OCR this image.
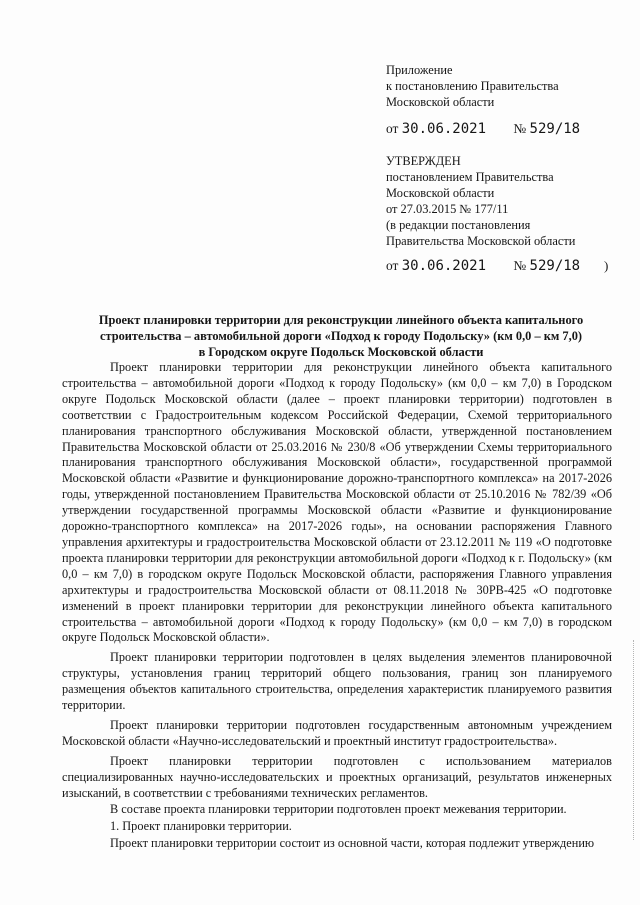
Приложение

к постановлению Правительства

Московской области

от 30.06.2021 № 529/18

УТВЕРЖДЕН

постановлением Правительства

Московской области

от 27.03.2015 № 177/11

(в редакции постановления

Правительства Московской области

от 30.06.2021 № 529/18 )

Проект планировки территории для реконструкции линейного объекта капитального
строительства – автомобильной дороги «Подход к городу Подольску» (км 0,0 – км 7,0)
в Городском округе Подольск Московской области

Проект планировки территории для реконструкции линейного объекта капитального строительства – автомобильной дороги «Подход к городу Подольску» (км 0,0 – км 7,0) в Городском округе Подольск Московской области (далее – проект планировки территории) подготовлен в соответствии с Градостроительным кодексом Российской Федерации, Схемой территориального планирования транспортного обслуживания Московской области, утвержденной постановлением Правительства Московской области от 25.03.2016 № 230/8 «Об утверждении Схемы территориального планирования транспортного обслуживания Московской области», государственной программой Московской области «Развитие и функционирование дорожно-транспортного комплекса» на 2017-2026 годы, утвержденной постановлением Правительства Московской области от 25.10.2016 № 782/39 «Об утверждении государственной программы Московской области «Развитие и функционирование дорожно-транспортного комплекса» на 2017-2026 годы», на основании распоряжения Главного управления архитектуры и градостроительства Московской области от 23.12.2011 № 119 «О подготовке проекта планировки территории для реконструкции автомобильной дороги «Подход к г. Подольску» (км 0,0 – км 7,0) в городском округе Подольск Московской области, распоряжения Главного управления архитектуры и градостроительства Московской области от 08.11.2018 № 30РВ-425 «О подготовке изменений в проект планировки территории для реконструкции линейного объекта капитального строительства – автомобильной дороги «Подход к городу Подольску» (км 0,0 – км 7,0) в городском округе Подольск Московской области».

Проект планировки территории подготовлен в целях выделения элементов планировочной структуры, установления границ территорий общего пользования, границ зон планируемого размещения объектов капитального строительства, определения характеристик планируемого развития территории.

Проект планировки территории подготовлен государственным автономным учреждением Московской области «Научно-исследовательский и проектный институт градостроительства».

Проект планировки территории подготовлен с использованием материалов специализированных научно-исследовательских и проектных организаций, результатов инженерных изысканий, в соответствии с требованиями технических регламентов.

В составе проекта планировки территории подготовлен проект межевания территории.

1. Проект планировки территории.

Проект планировки территории состоит из основной части, которая подлежит утверждению
